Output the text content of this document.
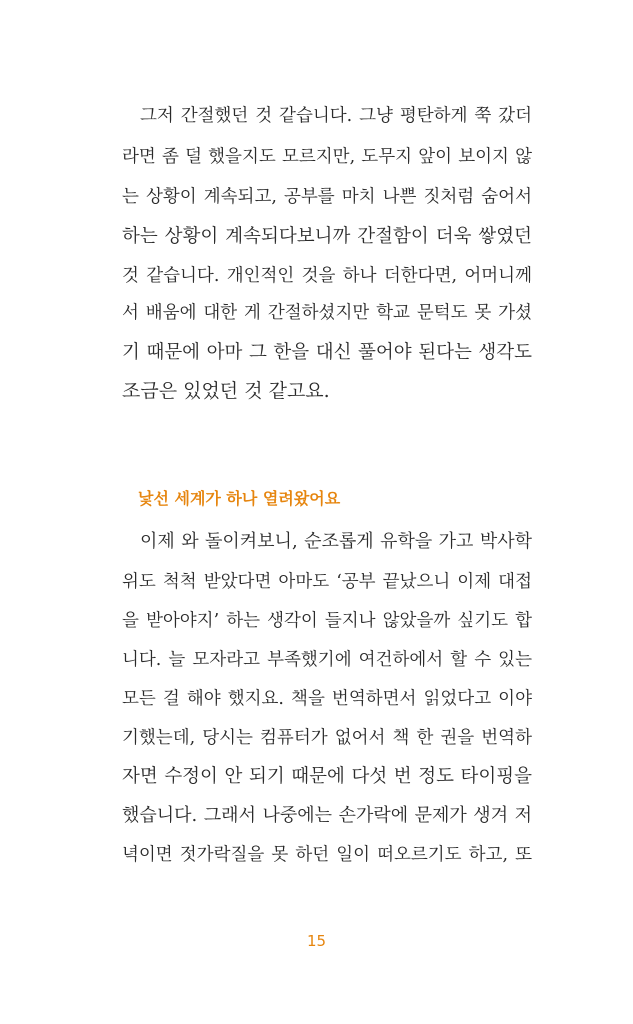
그저 간절했던 것 같습니다. 그냥 평탄하게 쭉 갔더
라면 좀 덜 했을지도 모르지만, 도무지 앞이 보이지 않
는 상황이 계속되고, 공부를 마치 나쁜 짓처럼 숨어서
하는 상황이 계속되다보니까 간절함이 더욱 쌓였던
것 같습니다. 개인적인 것을 하나 더한다면, 어머니께
서 배움에 대한 게 간절하셨지만 학교 문턱도 못 가셨
기 때문에 아마 그 한을 대신 풀어야 된다는 생각도
조금은 있었던 것 같고요.
낯선 세계가 하나 열려왔어요
이제 와 돌이켜보니, 순조롭게 유학을 가고 박사학
위도 척척 받았다면 아마도 ‘공부 끝났으니 이제 대접
을 받아야지’ 하는 생각이 들지나 않았을까 싶기도 합
니다. 늘 모자라고 부족했기에 여건하에서 할 수 있는
모든 걸 해야 했지요. 책을 번역하면서 읽었다고 이야
기했는데, 당시는 컴퓨터가 없어서 책 한 권을 번역하
자면 수정이 안 되기 때문에 다섯 번 정도 타이핑을
했습니다. 그래서 나중에는 손가락에 문제가 생겨 저
녁이면 젓가락질을 못 하던 일이 떠오르기도 하고, 또
15
